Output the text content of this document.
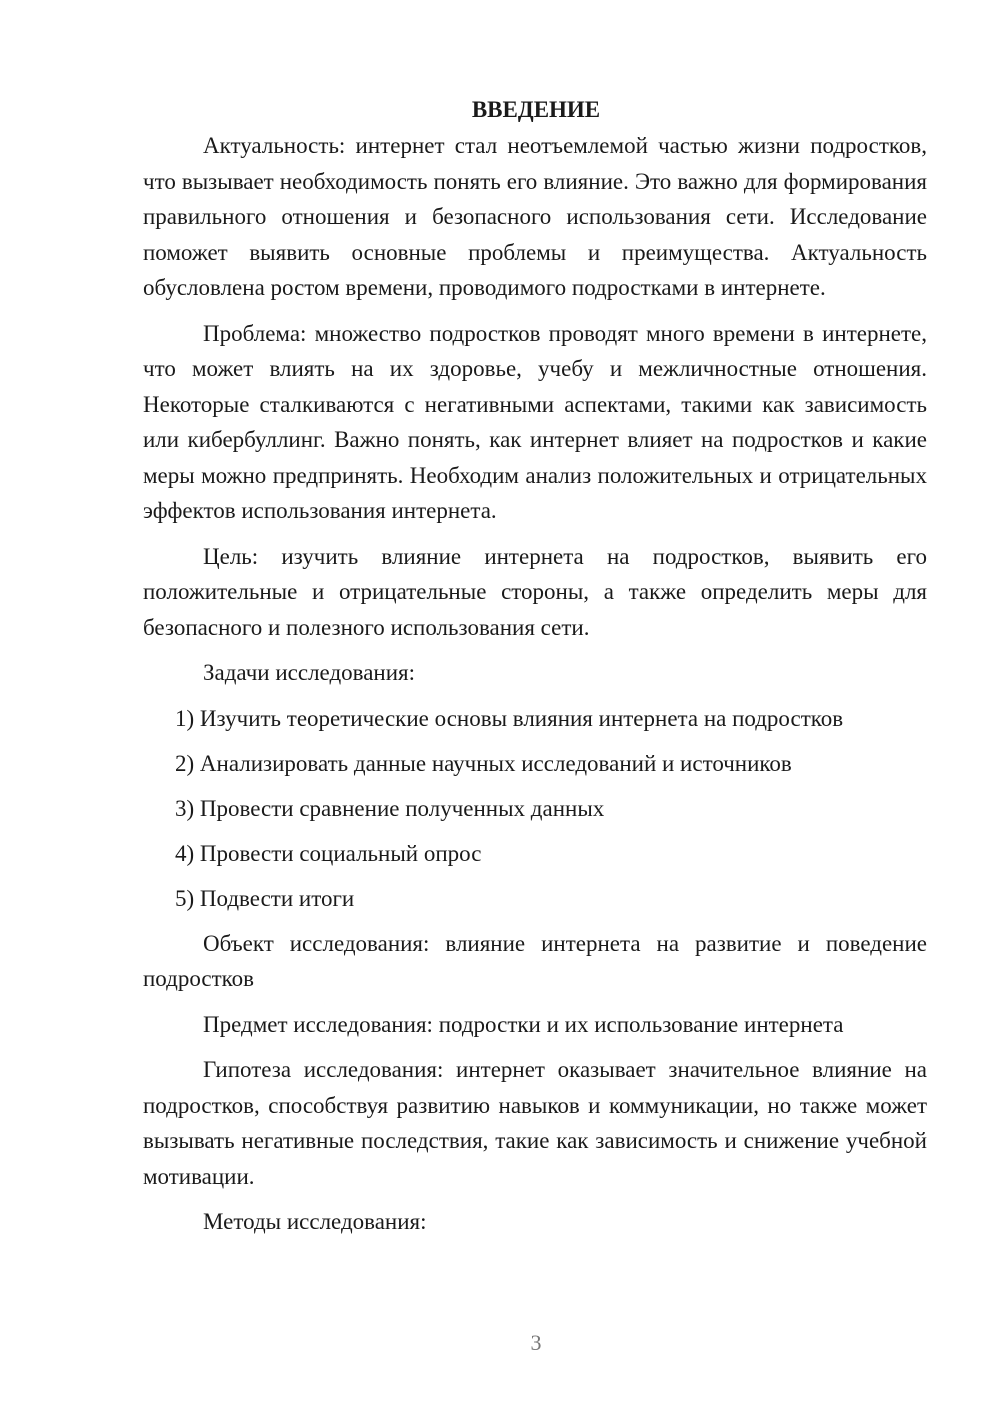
ВВЕДЕНИЕ

Актуальность: интернет стал неотъемлемой частью жизни подростков, что вызывает необходимость понять его влияние. Это важно для формирования правильного отношения и безопасного использования сети. Исследование поможет выявить основные проблемы и преимущества. Актуальность обусловлена ростом времени, проводимого подростками в интернете.

Проблема: множество подростков проводят много времени в интернете, что может влиять на их здоровье, учебу и межличностные отношения. Некоторые сталкиваются с негативными аспектами, такими как зависимость или кибербуллинг. Важно понять, как интернет влияет на подростков и какие меры можно предпринять. Необходим анализ положительных и отрицательных эффектов использования интернета.

Цель: изучить влияние интернета на подростков, выявить его положительные и отрицательные стороны, а также определить меры для безопасного и полезного использования сети.

Задачи исследования:

1) Изучить теоретические основы влияния интернета на подростков

2) Анализировать данные научных исследований и источников

3) Провести сравнение полученных данных

4) Провести социальный опрос

5) Подвести итоги

Объект исследования: влияние интернета на развитие и поведение подростков

Предмет исследования: подростки и их использование интернета

Гипотеза исследования: интернет оказывает значительное влияние на подростков, способствуя развитию навыков и коммуникации, но также может вызывать негативные последствия, такие как зависимость и снижение учебной мотивации.

Методы исследования:

3
